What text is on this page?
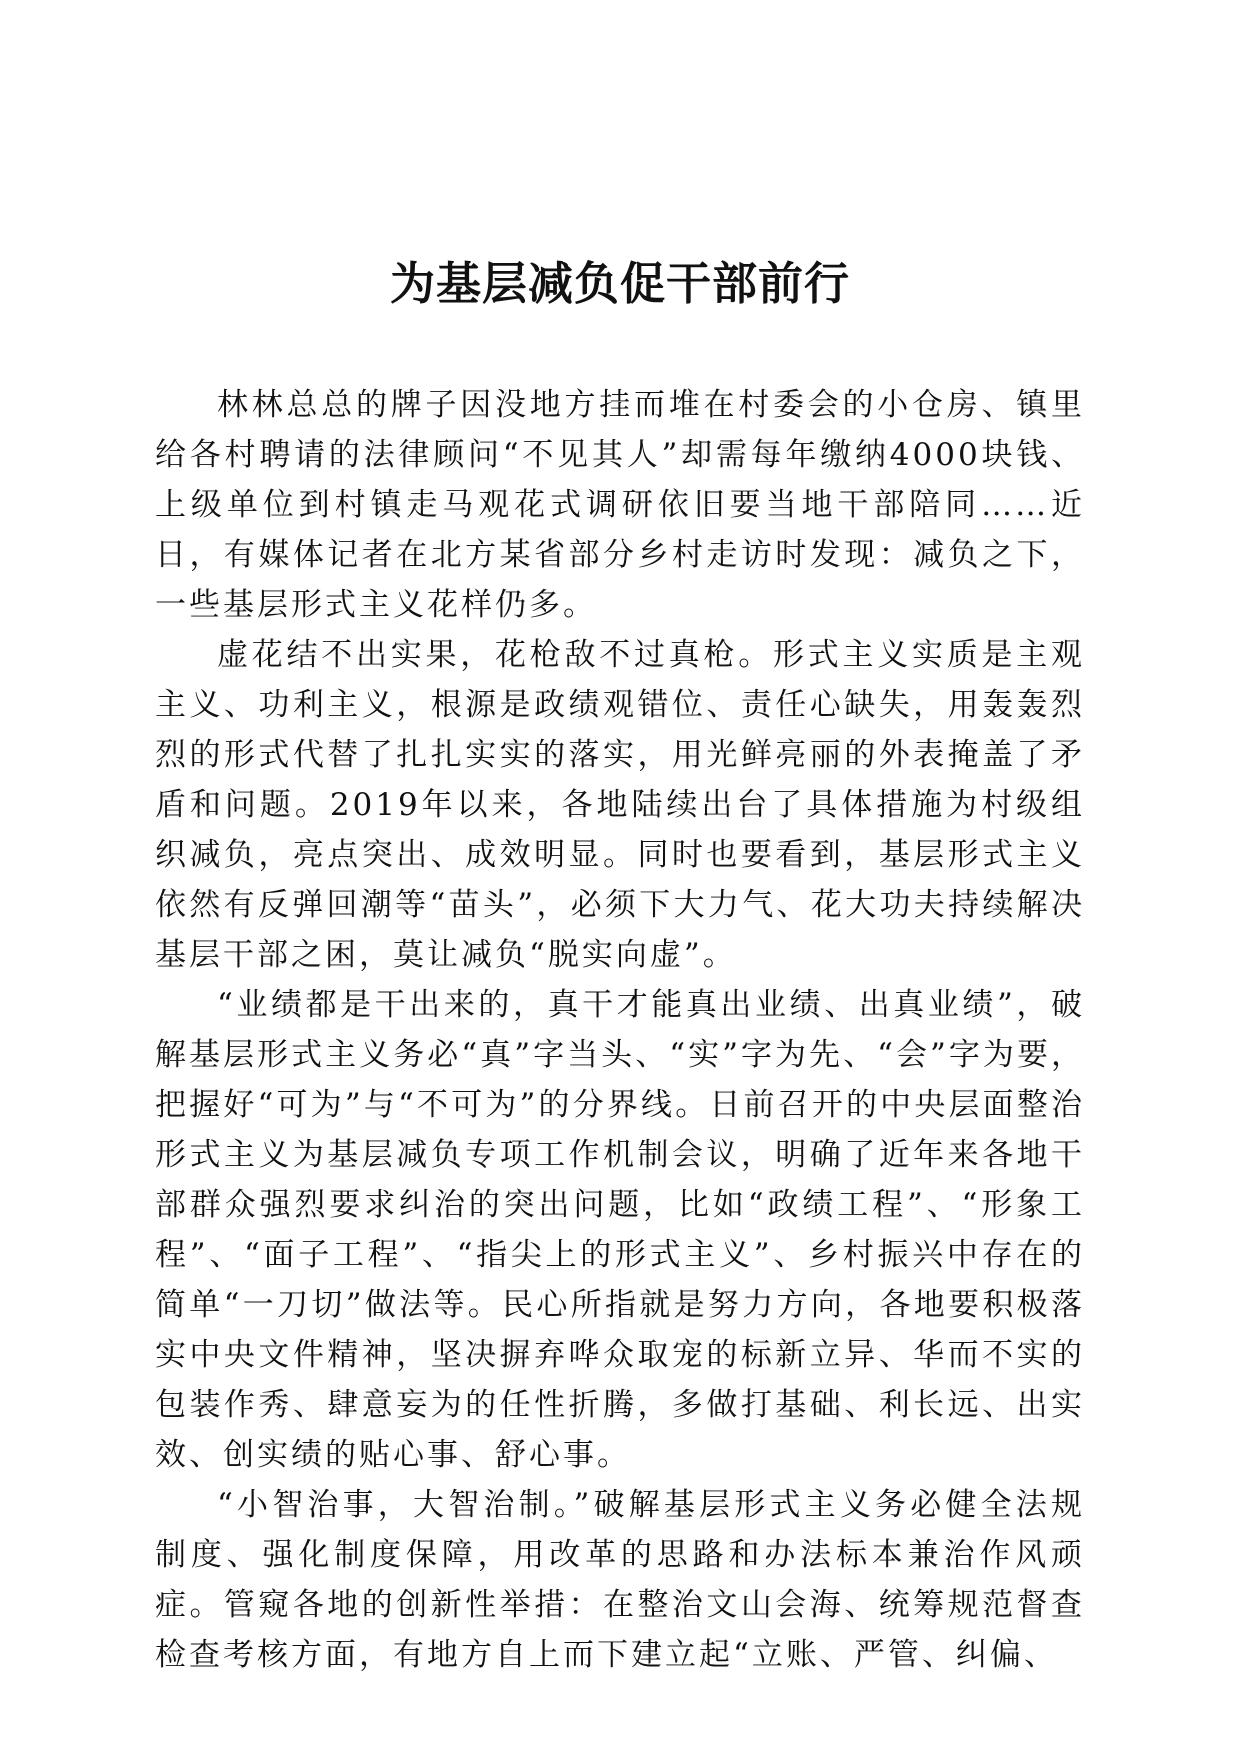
为基层减负促干部前行

林林总总的牌子因没地方挂而堆在村委会的小仓房、镇里给各村聘请的法律顾问“不见其人”却需每年缴纳4000块钱、上级单位到村镇走马观花式调研依旧要当地干部陪同……近日，有媒体记者在北方某省部分乡村走访时发现：减负之下，一些基层形式主义花样仍多。

虚花结不出实果，花枪敌不过真枪。形式主义实质是主观主义、功利主义，根源是政绩观错位、责任心缺失，用轰轰烈烈的形式代替了扎扎实实的落实，用光鲜亮丽的外表掩盖了矛盾和问题。2019年以来，各地陆续出台了具体措施为村级组织减负，亮点突出、成效明显。同时也要看到，基层形式主义依然有反弹回潮等“苗头”，必须下大力气、花大功夫持续解决基层干部之困，莫让减负“脱实向虚”。

“业绩都是干出来的，真干才能真出业绩、出真业绩”，破解基层形式主义务必“真”字当头、“实”字为先、“会”字为要，把握好“可为”与“不可为”的分界线。日前召开的中央层面整治形式主义为基层减负专项工作机制会议，明确了近年来各地干部群众强烈要求纠治的突出问题，比如“政绩工程”、“形象工程”、“面子工程”、“指尖上的形式主义”、乡村振兴中存在的简单“一刀切”做法等。民心所指就是努力方向，各地要积极落实中央文件精神，坚决摒弃哗众取宠的标新立异、华而不实的包装作秀、肆意妄为的任性折腾，多做打基础、利长远、出实效、创实绩的贴心事、舒心事。

“小智治事，大智治制。”破解基层形式主义务必健全法规制度、强化制度保障，用改革的思路和办法标本兼治作风顽症。管窥各地的创新性举措：在整治文山会海、统筹规范督查检查考核方面，有地方自上而下建立起“立账、严管、纠偏、
